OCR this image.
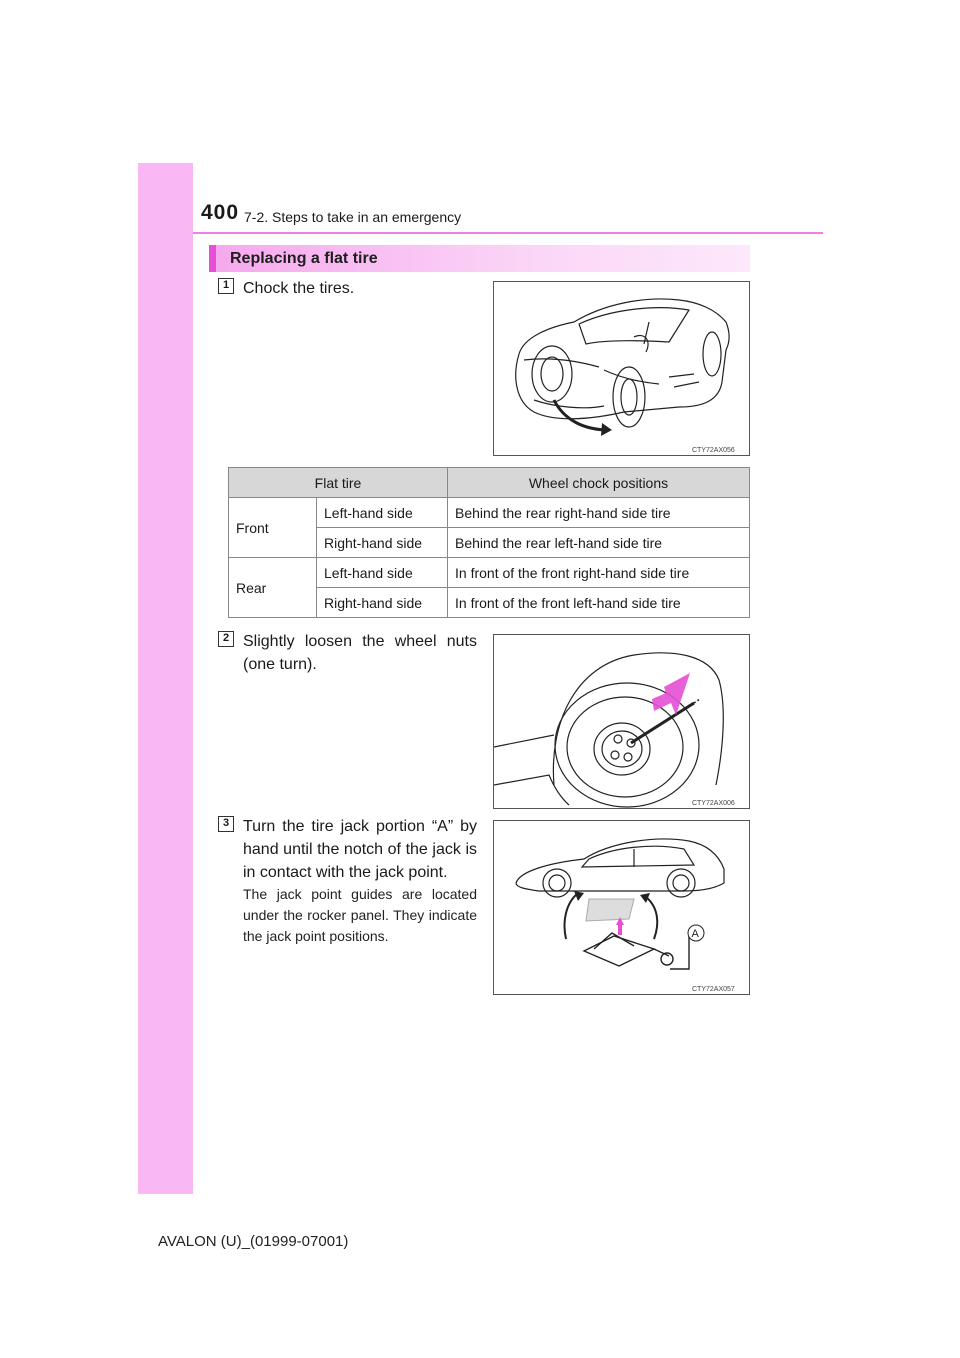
400 7-2. Steps to take in an emergency
Replacing a flat tire
1 Chock the tires.
CTY72AX056
Flat tire		Wheel chock positions
Front	Left-hand side	Behind the rear right-hand side tire
	Right-hand side	Behind the rear left-hand side tire
Rear	Left-hand side	In front of the front right-hand side tire
	Right-hand side	In front of the front left-hand side tire
2 Slightly loosen the wheel nuts (one turn).
CTY72AX006
3 Turn the tire jack portion “A” by hand until the notch of the jack is in contact with the jack point.
The jack point guides are located under the rocker panel. They indicate the jack point positions.	A
CTY72AX057
AVALON (U)_(01999-07001)
